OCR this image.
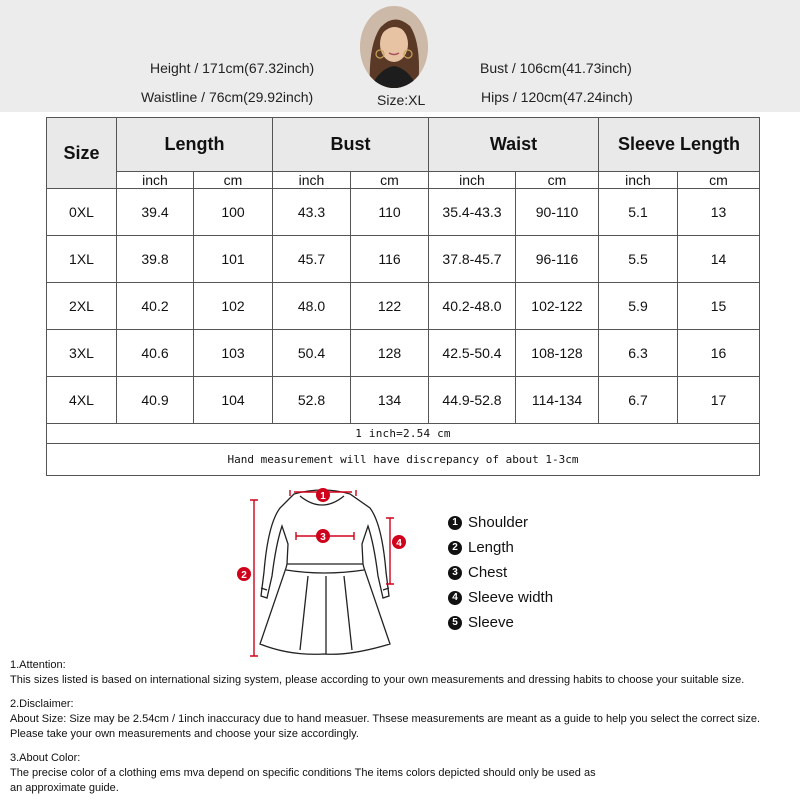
Height / 171cm(67.32inch)
Waistline / 76cm(29.92inch)
Bust / 106cm(41.73inch)
Hips / 120cm(47.24inch)
Size:XL
Size	Length		Bust		Waist		Sleeve Length	
	inch	cm	inch	cm	inch	cm	inch	cm
0XL	39.4	100	43.3	110	35.4-43.3	90-110	5.1	13
1XL	39.8	101	45.7	116	37.8-45.7	96-116	5.5	14
2XL	40.2	102	48.0	122	40.2-48.0	102-122	5.9	15
3XL	40.6	103	50.4	128	42.5-50.4	108-128	6.3	16
4XL	40.9	104	52.8	134	44.9-52.8	114-134	6.7	17
1 inch=2.54 cm								
Hand measurement will have discrepancy of about 1-3cm								
1
2
3
4
1 Shoulder
2 Length
3 Chest
4 Sleeve width
5 Sleeve

1.Attention:

This sizes listed is based on international sizing system, please according to your own measurements and dressing habits to choose your suitable size.

2.Disclaimer:

About Size: Size may be 2.54cm / 1inch inaccuracy due to hand measuer. Thsese measurements are meant as a guide to help you select the correct size.

Please take your own measurements and choose your size accordingly.

3.About Color:

The precise color of a clothing ems mva depend on specific conditions The items colors depicted should only be used as

an approximate guide.
